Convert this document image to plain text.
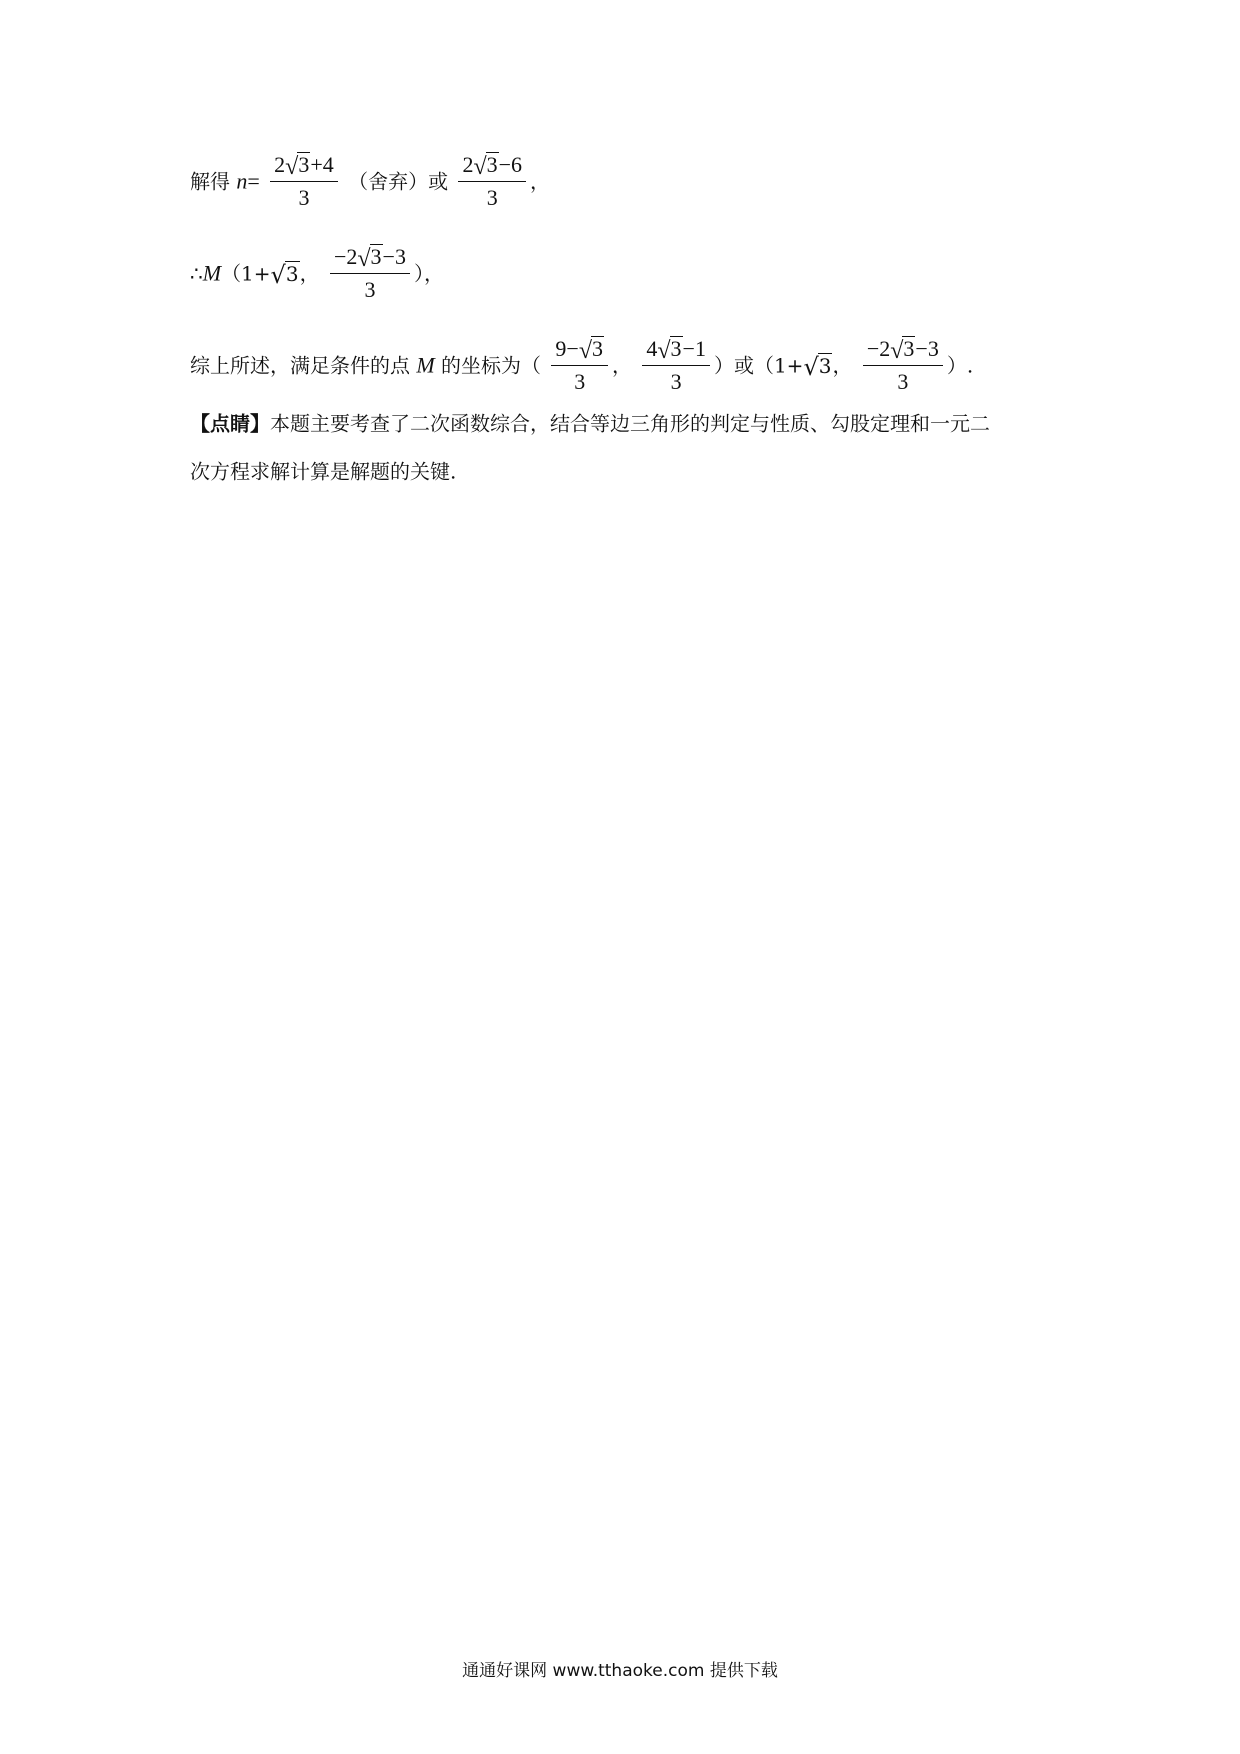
解得 $n= \frac{2√3+4}{3}$ （舍弃）或 $\frac{2√3-6}{3}$ ，
∴M（1+√3， $\frac{-2√3-3}{3}$ ），
综上所述，满足条件的点 M 的坐标为（ $\frac{9-√3}{3}$ ， $\frac{4√3-1}{3}$ ）或（1+√3， $\frac{-2√3-3}{3}$ ）.
【点睛】本题主要考查了二次函数综合，结合等边三角形的判定与性质、勾股定理和一元二
次方程求解计算是解题的关键.
通通好课网 www.tthaoke.com 提供下载
